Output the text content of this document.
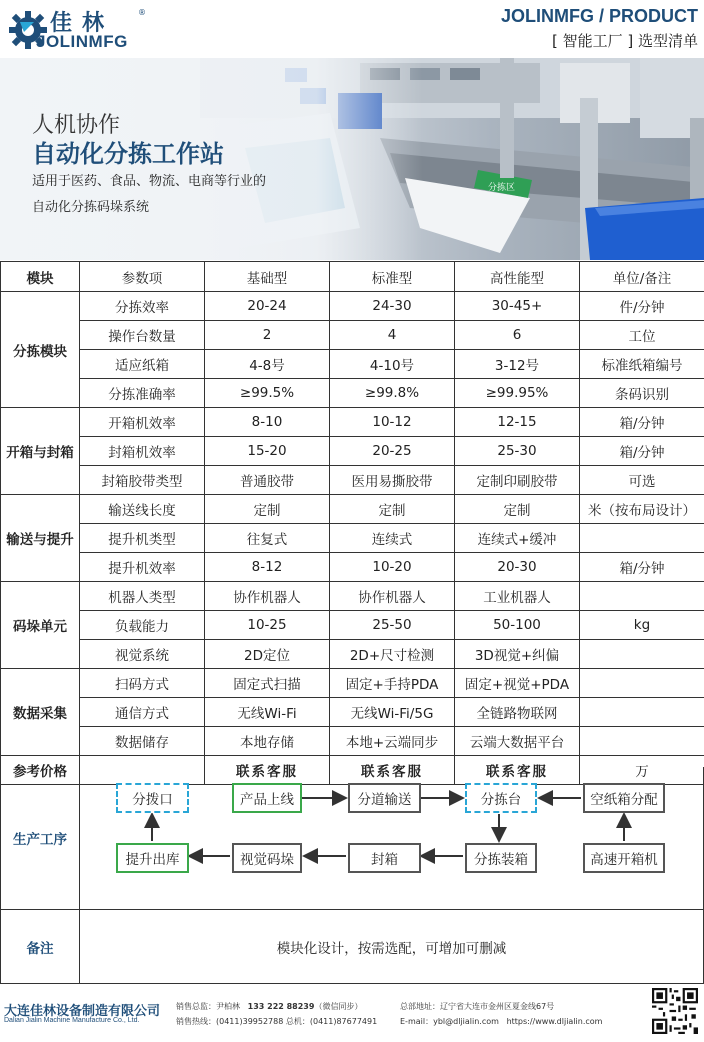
佳林	®
JOLINMFG
JOLINMFG / PRODUCT
[ 智能工厂 ] 选型清单
人机协作
自动化分拣工作站
适用于医药、食品、物流、电商等行业的
自动化分拣码垛系统
模块	参数项	基础型	标准型	高性能型	单位/备注
分拣模块	分拣效率	20-24	24-30	30-45+	件/分钟
	操作台数量	2	4	6	工位
	适应纸箱	4-8号	4-10号	3-12号	标准纸箱编号
	分拣准确率	≥99.5%	≥99.8%	≥99.95%	条码识别
开箱与封箱	开箱机效率	8-10	10-12	12-15	箱/分钟
	封箱机效率	15-20	20-25	25-30	箱/分钟
	封箱胶带类型	普通胶带	医用易撕胶带	定制印刷胶带	可选
输送与提升	输送线长度	定制	定制	定制	米（按布局设计）
	提升机类型	往复式	连续式	连续式+缓冲	
	提升机效率	8-12	10-20	20-30	箱/分钟
码垛单元	机器人类型	协作机器人	协作机器人	工业机器人	
	负载能力	10-25	25-50	50-100	kg
	视觉系统	2D定位	2D+尺寸检测	3D视觉+纠偏	
数据采集	扫码方式	固定式扫描	固定+手持PDA	固定+视觉+PDA	
	通信方式	无线Wi-Fi	无线Wi-Fi/5G	全链路物联网	
	数据储存	本地存储	本地+云端同步	云端大数据平台	
参考价格		联系客服	联系客服	联系客服	万
生产工序
分拨口	产品上线	分道输送	分拣台	空纸箱分配
提升出库	视觉码垛	封箱	分拣装箱	高速开箱机
备注	模块化设计，按需选配，可增加可删减
大连佳林设备制造有限公司
Dalian Jialin Machine Manufacture Co., Ltd.
销售总监：尹柏林 133 222 88239（微信同步）
销售热线：(0411)39952788 总机：(0411)87677491
总部地址：辽宁省大连市金州区夏金线67号
E-mail：ybl@dljialin.com https://www.dljialin.com
